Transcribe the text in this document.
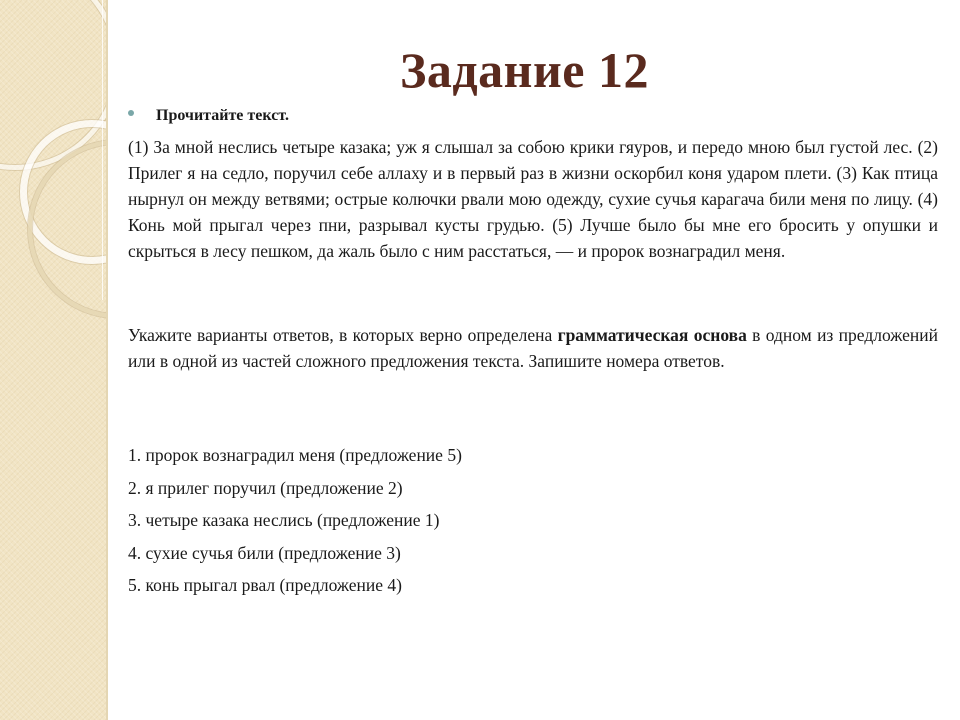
Задание 12
Прочитайте текст.

(1) За мной неслись четыре казака; уж я слышал за собою крики гяуров, и передо мною был густой лес. (2) Прилег я на седло, поручил себе аллаху и в первый раз в жизни оскорбил коня ударом плети. (3) Как птица нырнул он между ветвями; острые колючки рвали мою одежду, сухие сучья карагача били меня по лицу. (4) Конь мой прыгал через пни, разрывал кусты грудью. (5) Лучше было бы мне его бросить у опушки и скрыться в лесу пешком, да жаль было с ним расстаться, — и пророк вознаградил меня.

Укажите варианты ответов, в которых верно определена грамматическая основа в одном из предложений или в одной из частей сложного предложения текста. Запишите номера ответов.

1. пророк вознаградил меня (предложение 5)
2. я прилег поручил (предложение 2)
3. четыре казака неслись (предложение 1)
4. сухие сучья били (предложение 3)
5. конь прыгал рвал (предложение 4)
